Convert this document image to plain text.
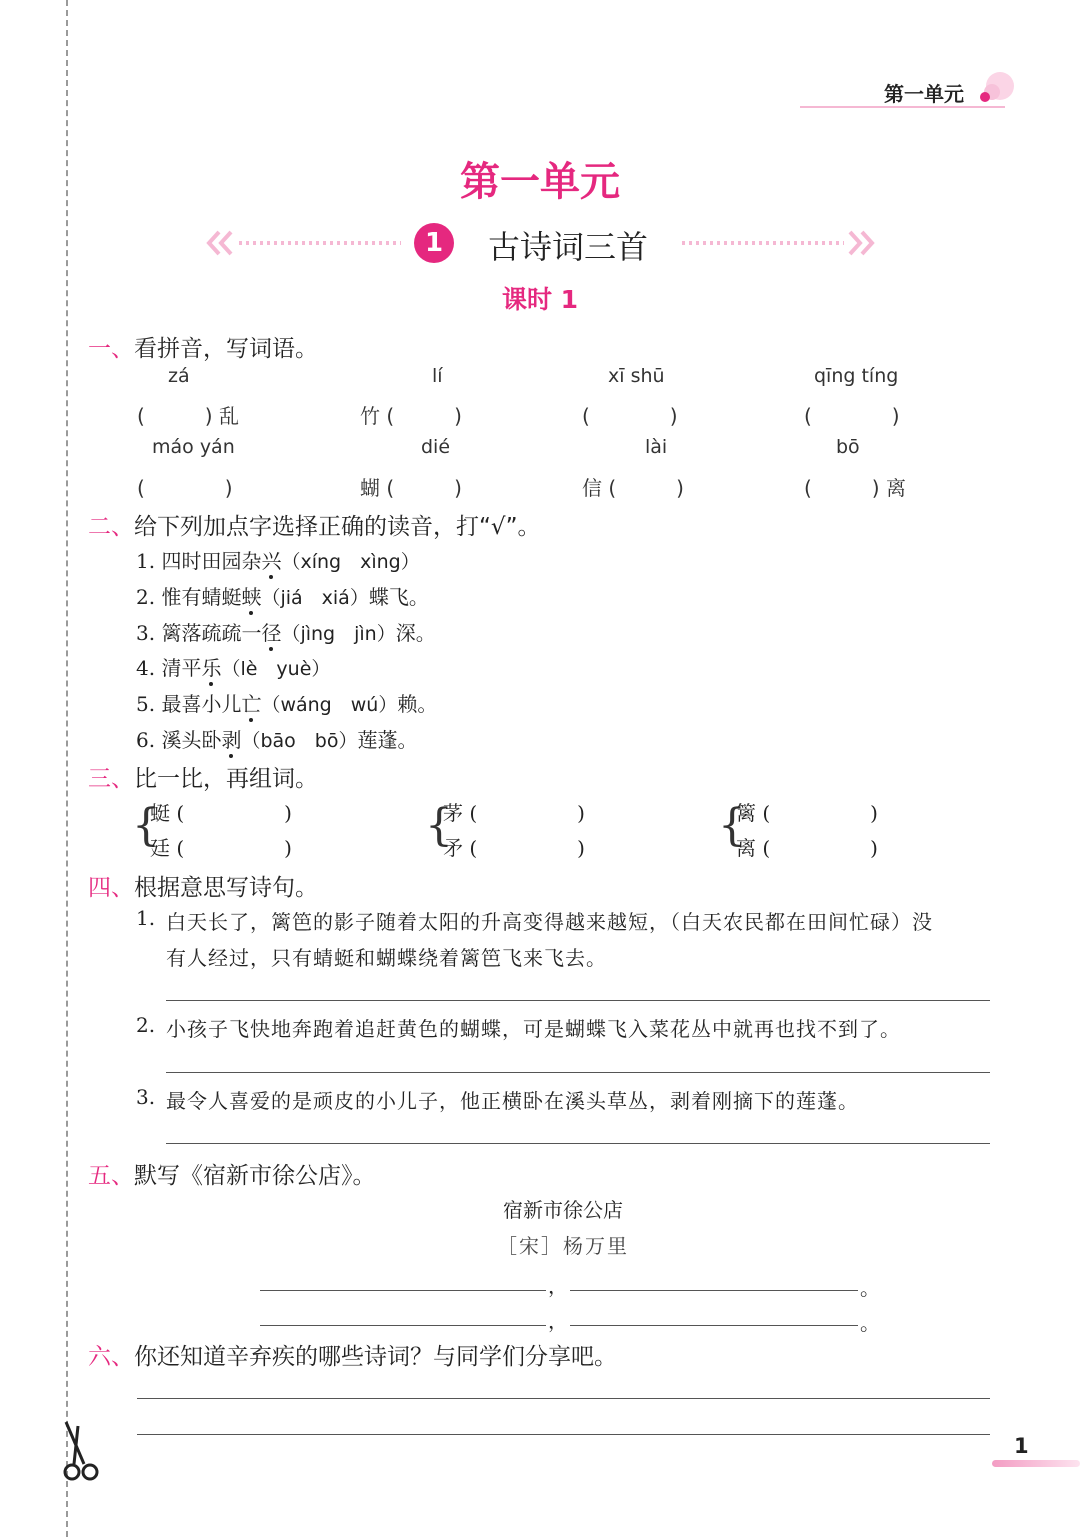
第一单元
第一单元
1	古诗词三首
课时 1
一、看拼音，写词语。
zá	lí	xī shū	qīng tíng
(　　　) 乱	竹 (　　　)	(　　　　)	(　　　　)
máo yán	dié	lài	bō
(　　　　)	蝴 (　　　)	信 (　　　)	(　　　) 离
二、给下列加点字选择正确的读音，打“√”。
1. 四时田园杂兴（xíng　xìng）
2. 惟有蜻蜓蛱（jiá　xiá）蝶飞。
3. 篱落疏疏一径（jìng　jìn）深。
4. 清平乐（lè　yuè）
5. 最喜小儿亡（wáng　wú）赖。
6. 溪头卧剥（bāo　bō）莲蓬。
三、比一比，再组词。
{
蜓 (　　　　　)
廷 (　　　　　)	{
茅 (　　　　　)
矛 (　　　　　)	{
篱 (　　　　　)
离 (　　　　　)
四、根据意思写诗句。
1. 白天长了，篱笆的影子随着太阳的升高变得越来越短，（白天农民都在田间忙碌）没
有人经过，只有蜻蜓和蝴蝶绕着篱笆飞来飞去。
2. 小孩子飞快地奔跑着追赶黄色的蝴蝶，可是蝴蝶飞入菜花丛中就再也找不到了。
3. 最令人喜爱的是顽皮的小儿子，他正横卧在溪头草丛，剥着刚摘下的莲蓬。
五、默写《宿新市徐公店》。
宿新市徐公店
［宋］杨万里
，	。
，	。
六、你还知道辛弃疾的哪些诗词？与同学们分享吧。
1
